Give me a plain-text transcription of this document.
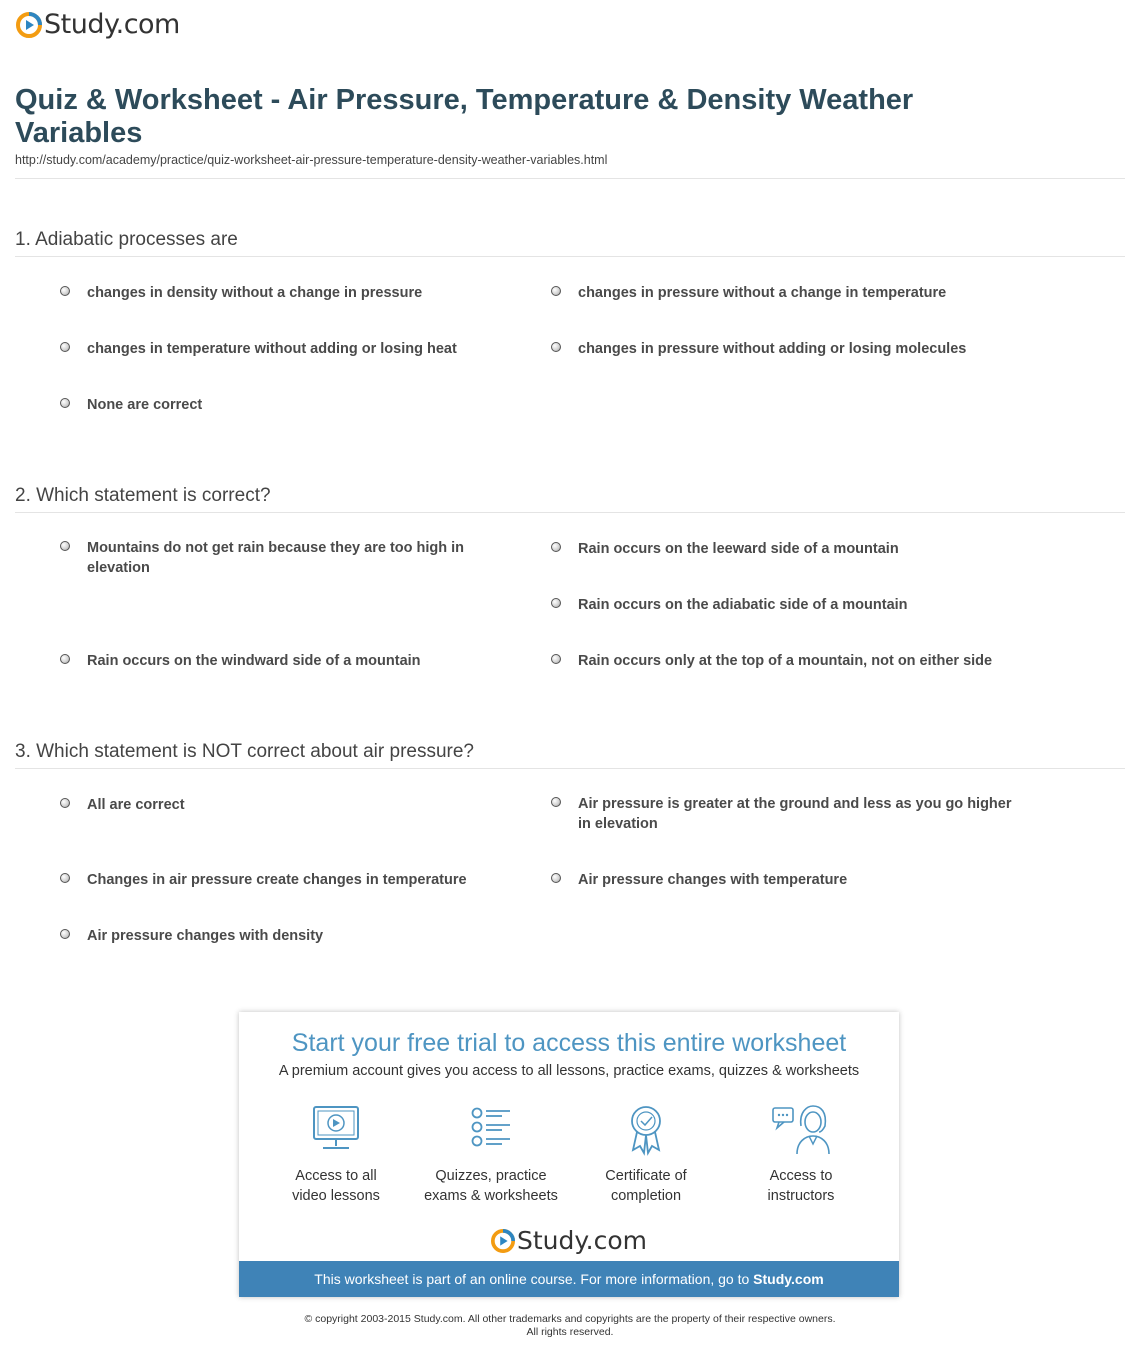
Study.com
Quiz & Worksheet - Air Pressure, Temperature & Density Weather Variables
http://study.com/academy/practice/quiz-worksheet-air-pressure-temperature-density-weather-variables.html
1. Adiabatic processes are
changes in density without a change in pressure	changes in pressure without a change in temperature
changes in temperature without adding or losing heat	changes in pressure without adding or losing molecules
None are correct
2. Which statement is correct?
Mountains do not get rain because they are too high in elevation
Rain occurs on the leeward side of a mountain
Rain occurs on the adiabatic side of a mountain
Rain occurs on the windward side of a mountain	Rain occurs only at the top of a mountain, not on either side
3. Which statement is NOT correct about air pressure?
All are correct	Air pressure is greater at the ground and less as you go higher in elevation
Changes in air pressure create changes in temperature	Air pressure changes with temperature
Air pressure changes with density
Start your free trial to access this entire worksheet
A premium account gives you access to all lessons, practice exams, quizzes & worksheets
Access to all
video lessons
Quizzes, practice
exams & worksheets
Certificate of
completion
Access to
instructors
Study.com
This worksheet is part of an online course. For more information, go to Study.com
© copyright 2003-2015 Study.com. All other trademarks and copyrights are the property of their respective owners.
All rights reserved.
